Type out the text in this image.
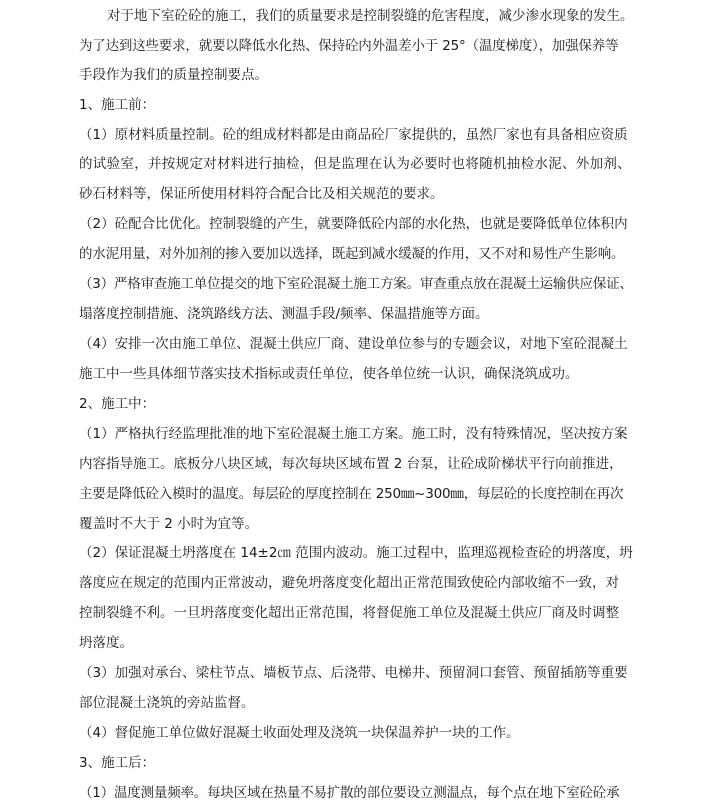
对于地下室砼砼的施工，我们的质量要求是控制裂缝的危害程度，减少渗水现象的发生。
为了达到这些要求，就要以降低水化热、保持砼内外温差小于 25°（温度梯度），加强保养等
手段作为我们的质量控制要点。
1、施工前：
（1）原材料质量控制。砼的组成材料都是由商品砼厂家提供的，虽然厂家也有具备相应资质
的试验室，并按规定对材料进行抽检，但是监理在认为必要时也将随机抽检水泥、外加剂、
砂石材料等，保证所使用材料符合配合比及相关规范的要求。
（2）砼配合比优化。控制裂缝的产生，就要降低砼内部的水化热，也就是要降低单位体积内
的水泥用量，对外加剂的掺入要加以选择，既起到减水缓凝的作用，又不对和易性产生影响。
（3）严格审查施工单位提交的地下室砼混凝土施工方案。审查重点放在混凝土运输供应保证、
塌落度控制措施、浇筑路线方法、测温手段/频率、保温措施等方面。
（4）安排一次由施工单位、混凝土供应厂商、建设单位参与的专题会议，对地下室砼混凝土
施工中一些具体细节落实技术指标或责任单位，使各单位统一认识，确保浇筑成功。
2、施工中：
（1）严格执行经监理批准的地下室砼混凝土施工方案。施工时，没有特殊情况，坚决按方案
内容指导施工。底板分八块区域，每次每块区域布置 2 台泵，让砼成阶梯状平行向前推进，
主要是降低砼入模时的温度。每层砼的厚度控制在 250㎜~300㎜，每层砼的长度控制在再次
覆盖时不大于 2 小时为宜等。
（2）保证混凝土坍落度在 14±2㎝ 范围内波动。施工过程中，监理巡视检查砼的坍落度，坍
落度应在规定的范围内正常波动，避免坍落度变化超出正常范围致使砼内部收缩不一致，对
控制裂缝不利。一旦坍落度变化超出正常范围，将督促施工单位及混凝土供应厂商及时调整
坍落度。
（3）加强对承台、梁柱节点、墙板节点、后浇带、电梯井、预留洞口套管、预留插筋等重要
部位混凝土浇筑的旁站监督。
（4）督促施工单位做好混凝土收面处理及浇筑一块保温养护一块的工作。
3、施工后：
（1）温度测量频率。每块区域在热量不易扩散的部位要设立测温点，每个点在地下室砼砼承
